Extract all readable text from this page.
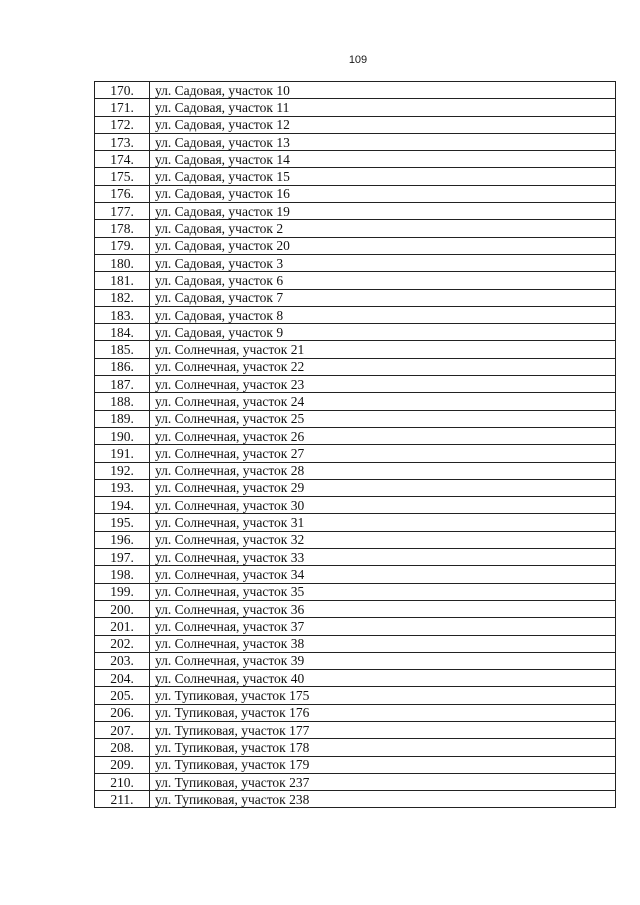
109
170.	ул. Садовая, участок 10
171.	ул. Садовая, участок 11
172.	ул. Садовая, участок 12
173.	ул. Садовая, участок 13
174.	ул. Садовая, участок 14
175.	ул. Садовая, участок 15
176.	ул. Садовая, участок 16
177.	ул. Садовая, участок 19
178.	ул. Садовая, участок 2
179.	ул. Садовая, участок 20
180.	ул. Садовая, участок 3
181.	ул. Садовая, участок 6
182.	ул. Садовая, участок 7
183.	ул. Садовая, участок 8
184.	ул. Садовая, участок 9
185.	ул. Солнечная, участок 21
186.	ул. Солнечная, участок 22
187.	ул. Солнечная, участок 23
188.	ул. Солнечная, участок 24
189.	ул. Солнечная, участок 25
190.	ул. Солнечная, участок 26
191.	ул. Солнечная, участок 27
192.	ул. Солнечная, участок 28
193.	ул. Солнечная, участок 29
194.	ул. Солнечная, участок 30
195.	ул. Солнечная, участок 31
196.	ул. Солнечная, участок 32
197.	ул. Солнечная, участок 33
198.	ул. Солнечная, участок 34
199.	ул. Солнечная, участок 35
200.	ул. Солнечная, участок 36
201.	ул. Солнечная, участок 37
202.	ул. Солнечная, участок 38
203.	ул. Солнечная, участок 39
204.	ул. Солнечная, участок 40
205.	ул. Тупиковая, участок 175
206.	ул. Тупиковая, участок 176
207.	ул. Тупиковая, участок 177
208.	ул. Тупиковая, участок 178
209.	ул. Тупиковая, участок 179
210.	ул. Тупиковая, участок 237
211.	ул. Тупиковая, участок 238
